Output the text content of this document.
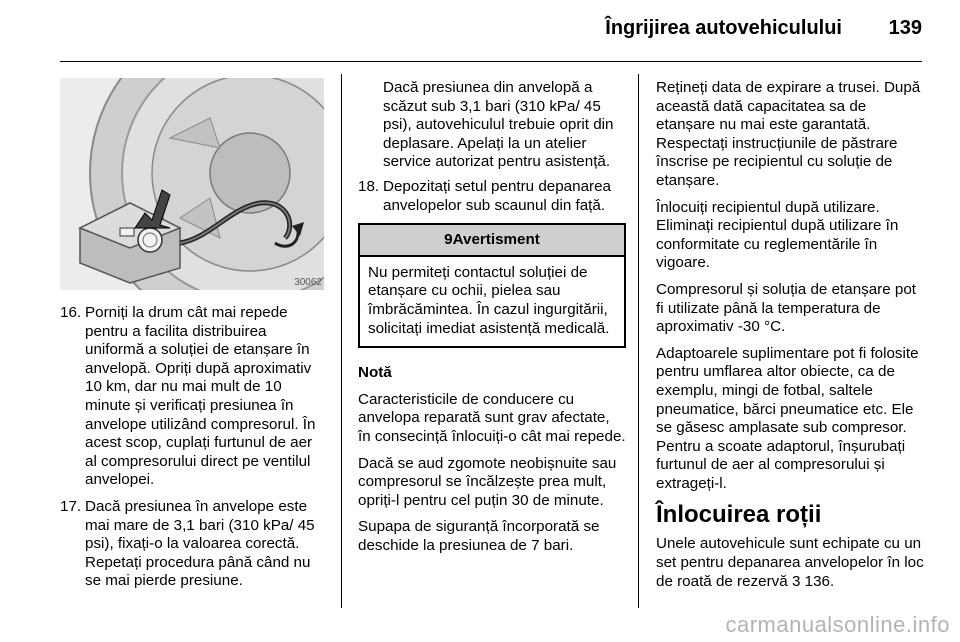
Îngrijirea autovehiculului 139
30062
16. Porniți la drum cât mai repede pentru a facilita distribuirea uniformă a soluției de etanșare în anvelopă. Opriți după aproximativ 10 km, dar nu mai mult de 10 minute și verificați presiunea în anvelope utilizând compresorul. În acest scop, cuplați furtunul de aer al compresorului direct pe ventilul anvelopei.
17. Dacă presiunea în anvelope este mai mare de 3,1 bari (310 kPa/ 45 psi), fixați-o la valoarea corectă. Repetați procedura până când nu se mai pierde presiune.
Dacă presiunea din anvelopă a scăzut sub 3,1 bari (310 kPa/ 45 psi), autovehiculul trebuie oprit din deplasare. Apelați la un atelier service autorizat pentru asistență.
18. Depozitați setul pentru depanarea anvelopelor sub scaunul din față.
9Avertisment
Nu permiteți contactul soluției de etanșare cu ochii, pielea sau îmbrăcămintea. În cazul ingurgitării, solicitați imediat asistență medicală.

Notă

Caracteristicile de conducere cu anvelopa reparată sunt grav afectate, în consecință înlocuiți-o cât mai repede.

Dacă se aud zgomote neobișnuite sau compresorul se încălzește prea mult, opriți-l pentru cel puțin 30 de minute.

Supapa de siguranță încorporată se deschide la presiunea de 7 bari.

Rețineți data de expirare a trusei. După această dată capacitatea sa de etanșare nu mai este garantată. Respectați instrucțiunile de păstrare înscrise pe recipientul cu soluție de etanșare.

Înlocuiți recipientul după utilizare. Eliminați recipientul după utilizare în conformitate cu reglementările în vigoare.

Compresorul și soluția de etanșare pot fi utilizate până la temperatura de aproximativ -30 °C.

Adaptoarele suplimentare pot fi folosite pentru umflarea altor obiecte, ca de exemplu, mingi de fotbal, saltele pneumatice, bărci pneumatice etc. Ele se găsesc amplasate sub compresor. Pentru a scoate adaptorul, înșurubați furtunul de aer al compresorului și extrageți-l.

Înlocuirea roții

Unele autovehicule sunt echipate cu un set pentru depanarea anvelopelor în loc de roată de rezervă 3 136.

carmanualsonline.info
